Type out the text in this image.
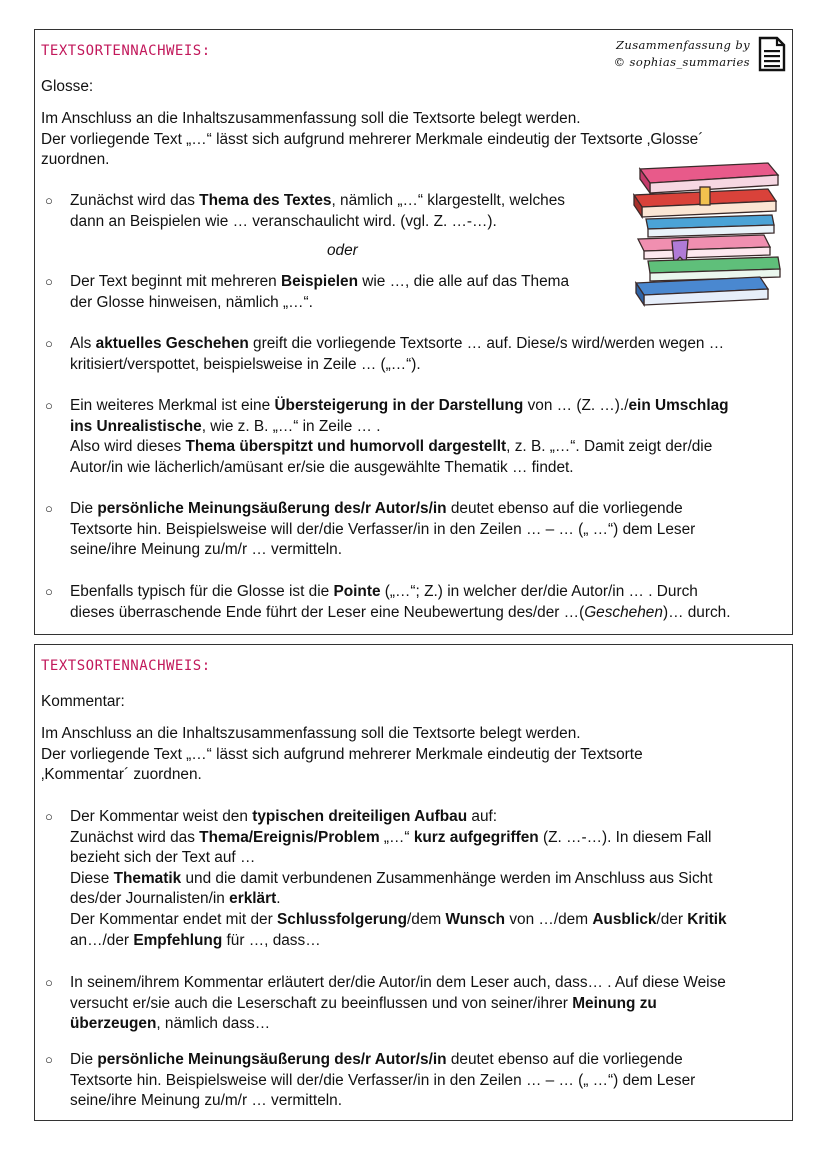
TEXTSORTENNACHWEIS:	Zusammenfassung by
© sophias_summaries
Glosse:
Im Anschluss an die Inhaltszusammenfassung soll die Textsorte belegt werden.
Der vorliegende Text „…“ lässt sich aufgrund mehrerer Merkmale eindeutig der Textsorte ‚Glosse´
zuordnen.
○ Zunächst wird das Thema des Textes, nämlich „…“ klargestellt, welches
dann an Beispielen wie … veranschaulicht wird. (vgl. Z. …-…).
oder
○ Der Text beginnt mit mehreren Beispielen wie …, die alle auf das Thema
der Glosse hinweisen, nämlich „…“.
○ Als aktuelles Geschehen greift die vorliegende Textsorte … auf. Diese/s wird/werden wegen …
kritisiert/verspottet, beispielsweise in Zeile … („…“).
○ Ein weiteres Merkmal ist eine Übersteigerung in der Darstellung von … (Z. …)./ein Umschlag
ins Unrealistische, wie z. B. „…“ in Zeile … .
Also wird dieses Thema überspitzt und humorvoll dargestellt, z. B. „…“. Damit zeigt der/die
Autor/in wie lächerlich/amüsant er/sie die ausgewählte Thematik … findet.
○ Die persönliche Meinungsäußerung des/r Autor/s/in deutet ebenso auf die vorliegende
Textsorte hin. Beispielsweise will der/die Verfasser/in in den Zeilen … – … („ …“) dem Leser
seine/ihre Meinung zu/m/r … vermitteln.
○ Ebenfalls typisch für die Glosse ist die Pointe („…“; Z.) in welcher der/die Autor/in … . Durch
dieses überraschende Ende führt der Leser eine Neubewertung des/der …(Geschehen)… durch.
TEXTSORTENNACHWEIS:
Kommentar:
Im Anschluss an die Inhaltszusammenfassung soll die Textsorte belegt werden.
Der vorliegende Text „…“ lässt sich aufgrund mehrerer Merkmale eindeutig der Textsorte
‚Kommentar´ zuordnen.
○ Der Kommentar weist den typischen dreiteiligen Aufbau auf:
Zunächst wird das Thema/Ereignis/Problem „…“ kurz aufgegriffen (Z. …-…). In diesem Fall
bezieht sich der Text auf …
Diese Thematik und die damit verbundenen Zusammenhänge werden im Anschluss aus Sicht
des/der Journalisten/in erklärt.
Der Kommentar endet mit der Schlussfolgerung/dem Wunsch von …/dem Ausblick/der Kritik
an…/der Empfehlung für …, dass…
○ In seinem/ihrem Kommentar erläutert der/die Autor/in dem Leser auch, dass… . Auf diese Weise
versucht er/sie auch die Leserschaft zu beeinflussen und von seiner/ihrer Meinung zu
überzeugen, nämlich dass…
○ Die persönliche Meinungsäußerung des/r Autor/s/in deutet ebenso auf die vorliegende
Textsorte hin. Beispielsweise will der/die Verfasser/in in den Zeilen … – … („ …“) dem Leser
seine/ihre Meinung zu/m/r … vermitteln.
